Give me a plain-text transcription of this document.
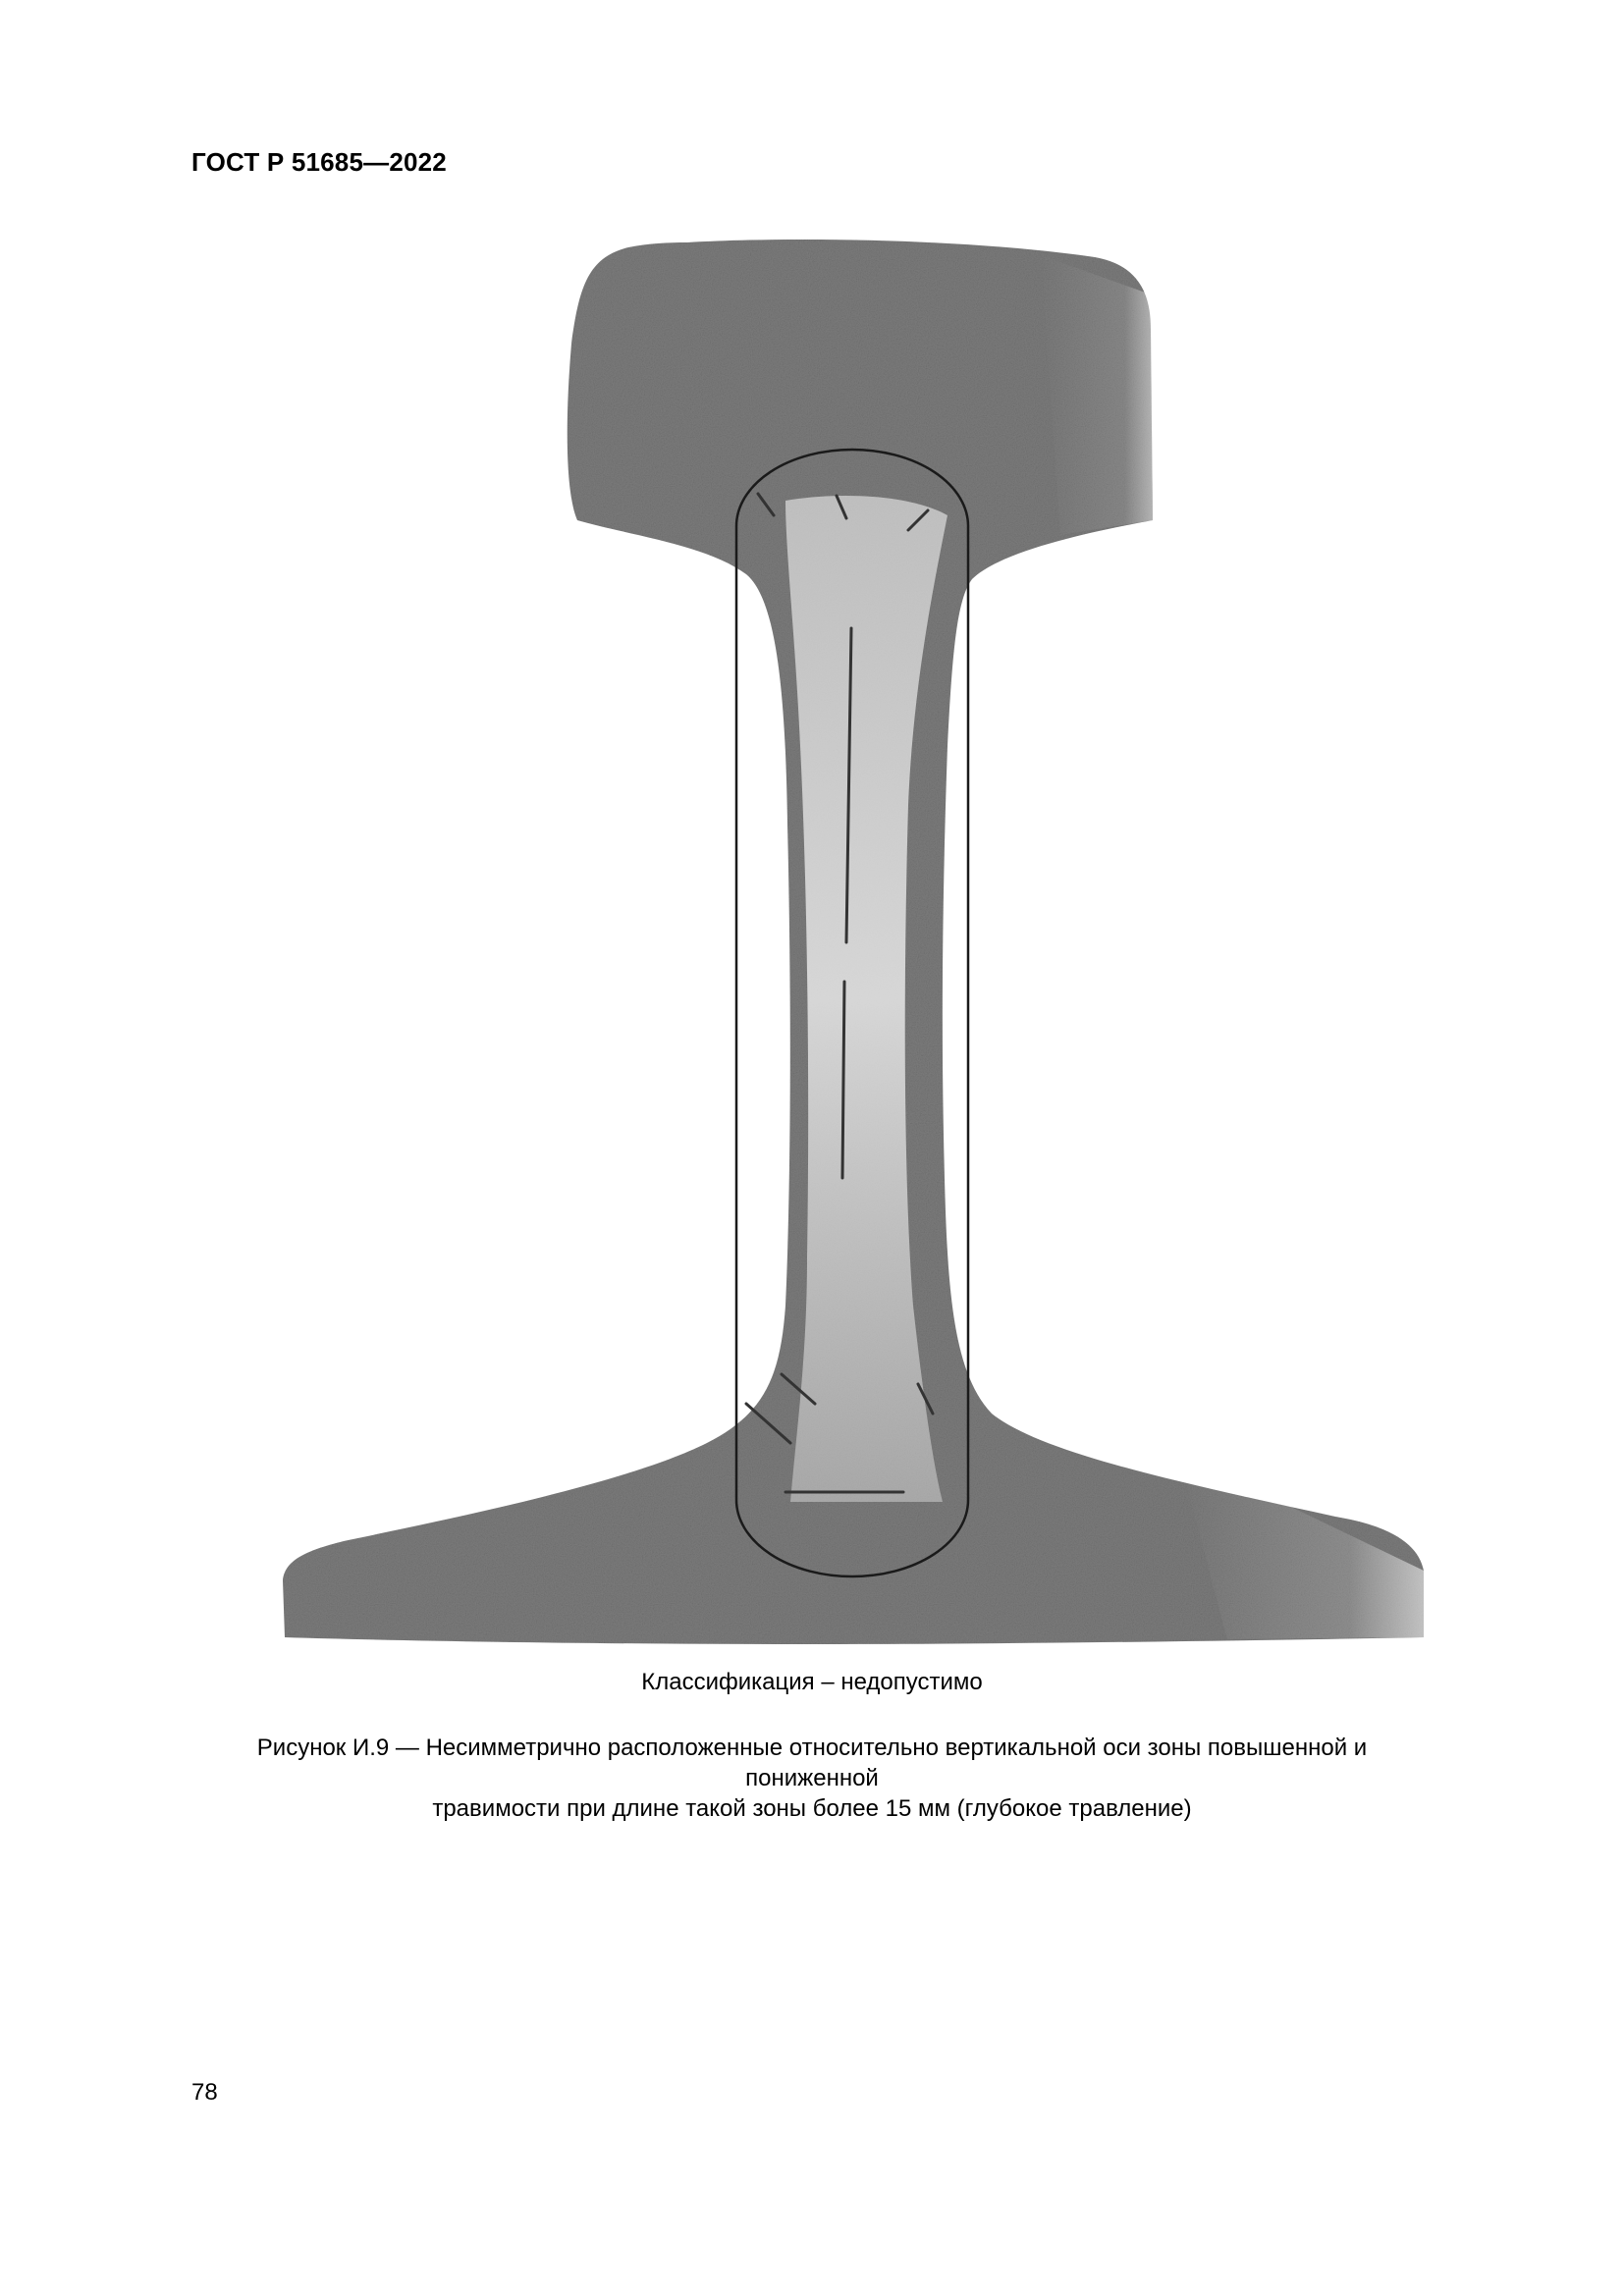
ГОСТ Р 51685—2022
Классификация – недопустимо
Рисунок И.9 — Несимметрично расположенные относительно вертикальной оси зоны повышенной и пониженной
травимости при длине такой зоны более 15 мм (глубокое травление)
78
